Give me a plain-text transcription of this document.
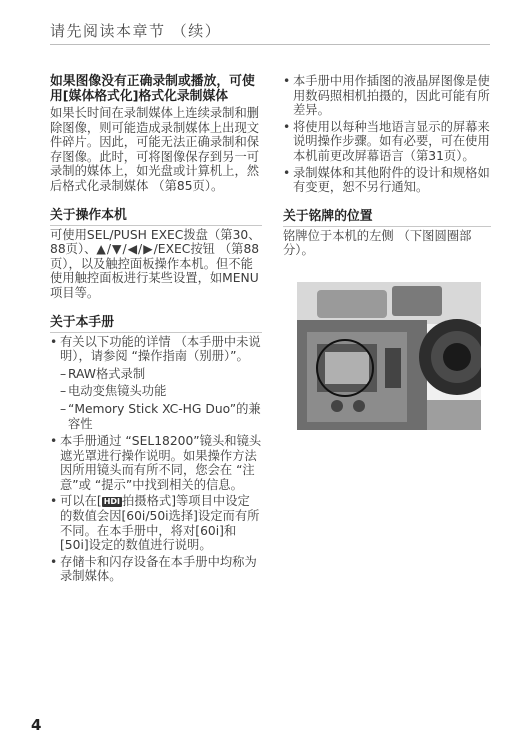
请先阅读本章节 （续）
如果图像没有正确录制或播放，可使用[媒体格式化]格式化录制媒体
如果长时间在录制媒体上连续录制和删除图像，则可能造成录制媒体上出现文件碎片。因此，可能无法正确录制和保存图像。此时，可将图像保存到另一可录制的媒体上，如光盘或计算机上，然后格式化录制媒体 （第85页）。
关于操作本机
可使用SEL/PUSH EXEC拨盘（第30、88页）、▲/▼/◀/▶/EXEC按钮 （第88页），以及触控面板操作本机。但不能使用触控面板进行某些设置，如MENU项目等。
关于本手册
• 有关以下功能的详情 （本手册中未说明），请参阅 “操作指南（别册）”。
– RAW格式录制
– 电动变焦镜头功能
– “Memory Stick XC-HG Duo”的兼容性
• 本手册通过 “SEL18200”镜头和镜头遮光罩进行操作说明。如果操作方法因所用镜头而有所不同，您会在 “注意”或 “提示”中找到相关的信息。
• 可以在[ HDI 拍摄格式]等项目中设定的数值会因[60i/50i选择]设定而有所不同。在本手册中，将对[60i]和[50i]设定的数值进行说明。
• 存储卡和闪存设备在本手册中均称为录制媒体。
• 本手册中用作插图的液晶屏图像是使用数码照相机拍摄的，因此可能有所差异。
• 将使用以每种当地语言显示的屏幕来说明操作步骤。如有必要，可在使用本机前更改屏幕语言（第31页）。
• 录制媒体和其他附件的设计和规格如有变更，恕不另行通知。
关于铭牌的位置
铭牌位于本机的左侧 （下图圆圈部分）。
4
